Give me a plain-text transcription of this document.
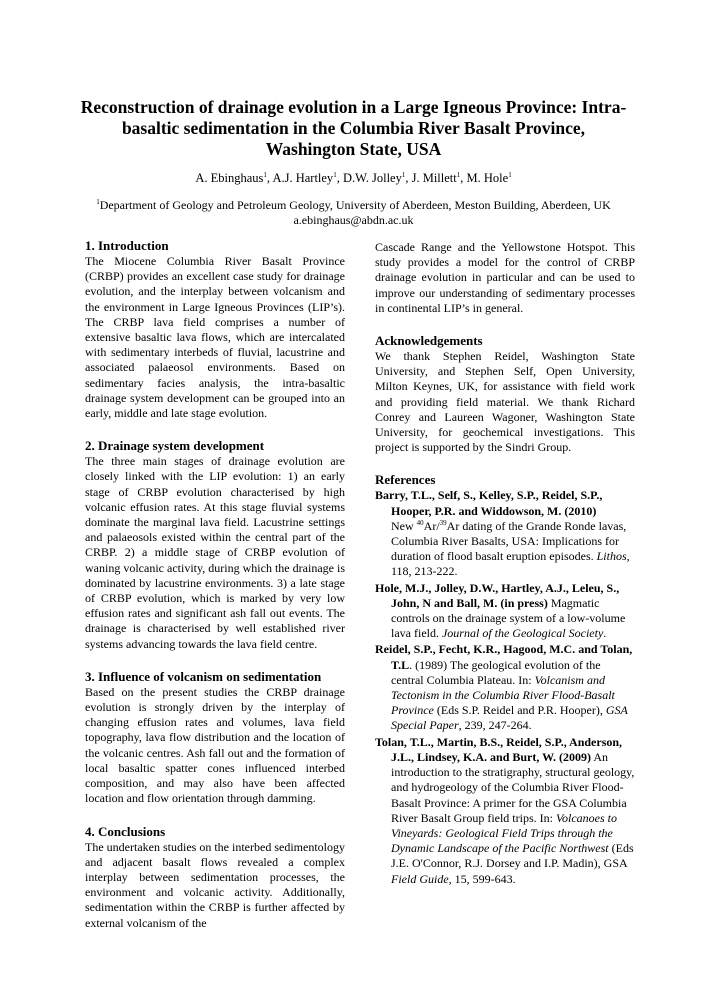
Reconstruction of drainage evolution in a Large Igneous Province: Intra-basaltic sedimentation in the Columbia River Basalt Province, Washington State, USA
A. Ebinghaus$^1$, A.J. Hartley$^1$, D.W. Jolley$^1$, J. Millett$^1$, M. Hole$^1$
$^1$Department of Geology and Petroleum Geology, University of Aberdeen, Meston Building, Aberdeen, UK
a.ebinghaus@abdn.ac.uk
1. Introduction

The Miocene Columbia River Basalt Province (CRBP) provides an excellent case study for drainage evolution, and the interplay between volcanism and the environment in Large Igneous Provinces (LIP’s). The CRBP lava field comprises a number of extensive basaltic lava flows, which are intercalated with sedimentary interbeds of fluvial, lacustrine and associated palaeosol environments. Based on sedimentary facies analysis, the intra-basaltic drainage system development can be grouped into an early, middle and late stage evolution.

2. Drainage system development

The three main stages of drainage evolution are closely linked with the LIP evolution: 1) an early stage of CRBP evolution characterised by high volcanic effusion rates. At this stage fluvial systems dominate the marginal lava field. Lacustrine settings and palaeosols existed within the central part of the CRBP. 2) a middle stage of CRBP evolution of waning volcanic activity, during which the drainage is dominated by lacustrine environments. 3) a late stage of CRBP evolution, which is marked by very low effusion rates and significant ash fall out events. The drainage is characterised by well established river systems advancing towards the lava field centre.

3. Influence of volcanism on sedimentation

Based on the present studies the CRBP drainage evolution is strongly driven by the interplay of changing effusion rates and volumes, lava field topography, lava flow distribution and the location of the volcanic centres. Ash fall out and the formation of local basaltic spatter cones influenced interbed composition, and may also have been affected location and flow orientation through damming.

4. Conclusions

The undertaken studies on the interbed sedimentology and adjacent basalt flows revealed a complex interplay between sedimentation processes, the environment and volcanic activity. Additionally, sedimentation within the CRBP is further affected by external volcanism of the

Cascade Range and the Yellowstone Hotspot. This study provides a model for the control of CRBP drainage evolution in particular and can be used to improve our understanding of sedimentary processes in continental LIP’s in general.

Acknowledgements

We thank Stephen Reidel, Washington State University, and Stephen Self, Open University, Milton Keynes, UK, for assistance with field work and providing field material. We thank Richard Conrey and Laureen Wagoner, Washington State University, for geochemical investigations. This project is supported by the Sindri Group.

References

Barry, T.L., Self, S., Kelley, S.P., Reidel, S.P., Hooper, P.R. and Widdowson, M. (2010)
New $^{40}$Ar/$^{39}$Ar dating of the Grande Ronde lavas, Columbia River Basalts, USA: Implications for duration of flood basalt eruption episodes. Lithos, 118, 213-222.

Hole, M.J., Jolley, D.W., Hartley, A.J., Leleu, S., John, N and Ball, M. (in press) Magmatic controls on the drainage system of a low-volume lava field. Journal of the Geological Society.

Reidel, S.P., Fecht, K.R., Hagood, M.C. and Tolan, T.L. (1989) The geological evolution of the central Columbia Plateau. In: Volcanism and Tectonism in the Columbia River Flood-Basalt Province (Eds S.P. Reidel and P.R. Hooper), GSA Special Paper, 239, 247-264.

Tolan, T.L., Martin, B.S., Reidel, S.P., Anderson, J.L., Lindsey, K.A. and Burt, W. (2009) An introduction to the stratigraphy, structural geology, and hydrogeology of the Columbia River Flood-Basalt Province: A primer for the GSA Columbia River Basalt Group field trips. In: Volcanoes to Vineyards: Geological Field Trips through the Dynamic Landscape of the Pacific Northwest (Eds J.E. O'Connor, R.J. Dorsey and I.P. Madin), GSA Field Guide, 15, 599-643.
